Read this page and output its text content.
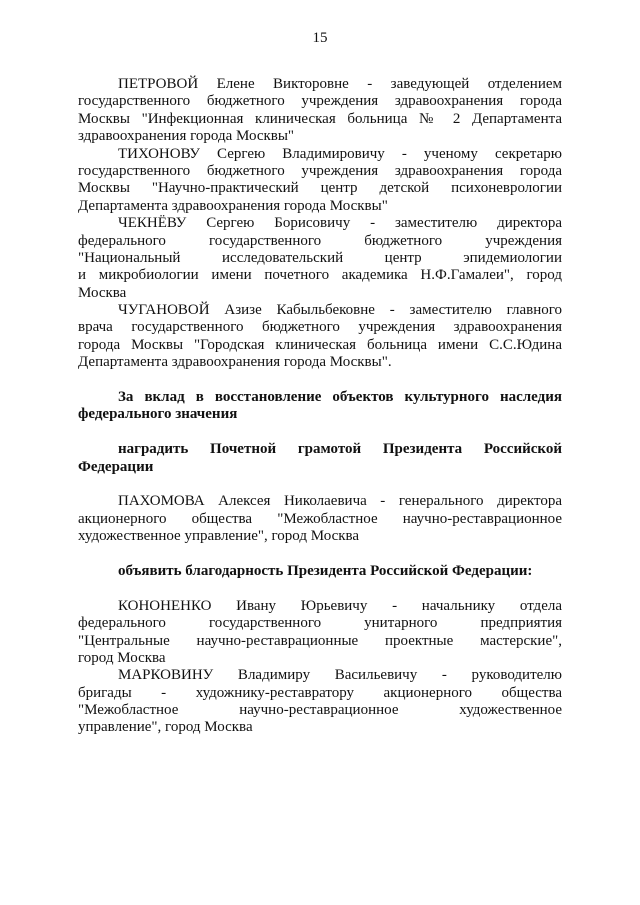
15
ПЕТРОВОЙ Елене Викторовне - заведующей отделением
государственного бюджетного учреждения здравоохранения города
Москвы "Инфекционная клиническая больница № 2 Департамента
здравоохранения города Москвы"
ТИХОНОВУ Сергею Владимировичу - ученому секретарю
государственного бюджетного учреждения здравоохранения города
Москвы "Научно-практический центр детской психоневрологии
Департамента здравоохранения города Москвы"
ЧЕКНЁВУ Сергею Борисовичу - заместителю директора
федерального государственного бюджетного учреждения
"Национальный исследовательский центр эпидемиологии
и микробиологии имени почетного академика Н.Ф.Гамалеи", город
Москва
ЧУГАНОВОЙ Азизе Кабыльбековне - заместителю главного
врача государственного бюджетного учреждения здравоохранения
города Москвы "Городская клиническая больница имени С.С.Юдина
Департамента здравоохранения города Москвы".
За вклад в восстановление объектов культурного наследия
федерального значения
наградить Почетной грамотой Президента Российской
Федерации
ПАХОМОВА Алексея Николаевича - генерального директора
акционерного общества "Межобластное научно-реставрационное
художественное управление", город Москва
объявить благодарность Президента Российской Федерации:
КОНОНЕНКО Ивану Юрьевичу - начальнику отдела
федерального государственного унитарного предприятия
"Центральные научно-реставрационные проектные мастерские",
город Москва
МАРКОВИНУ Владимиру Васильевичу - руководителю
бригады - художнику-реставратору акционерного общества
"Межобластное научно-реставрационное художественное
управление", город Москва
